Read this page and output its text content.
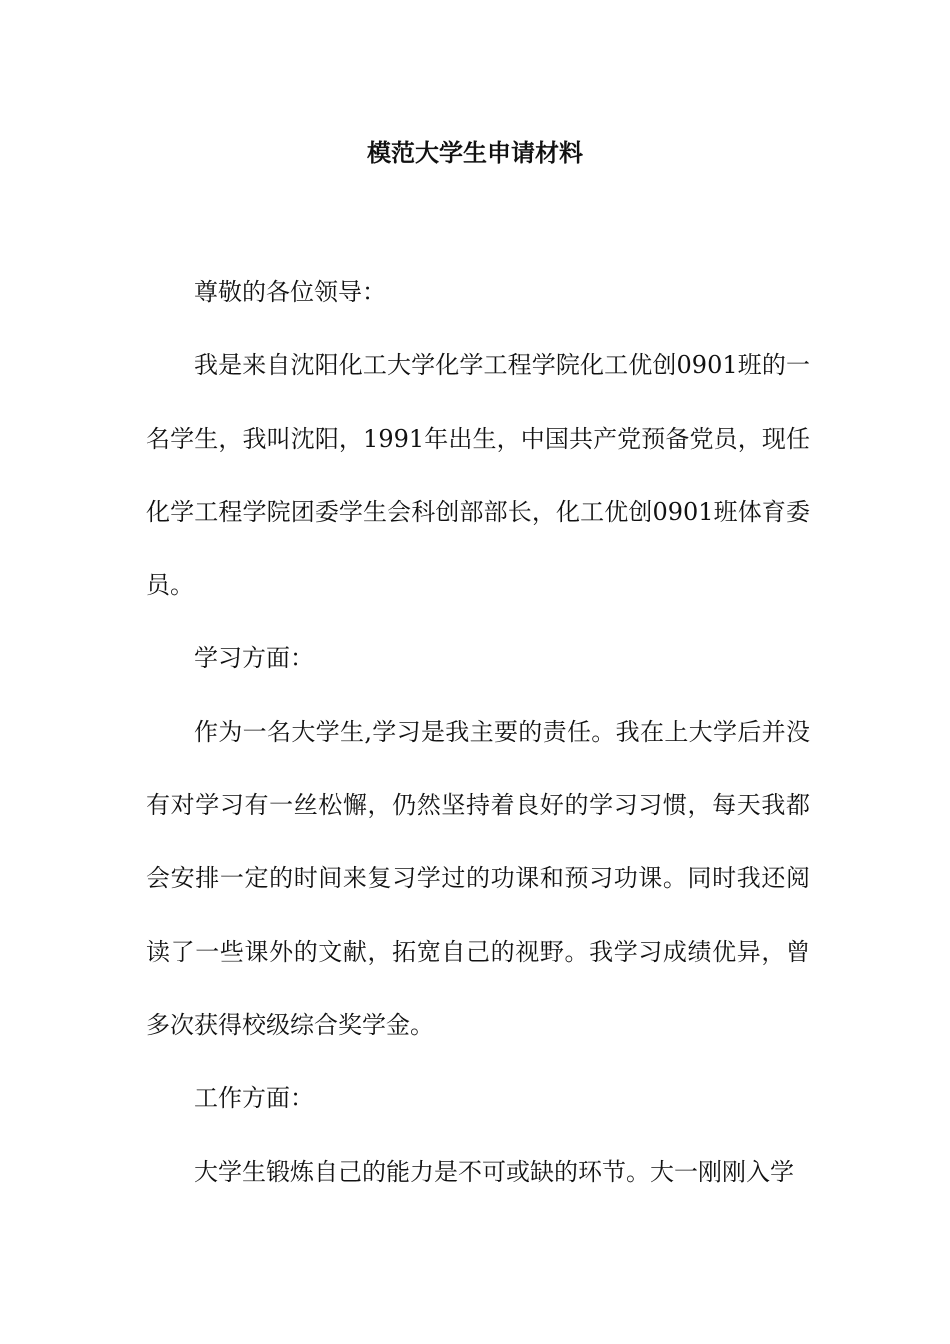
模范大学生申请材料

尊敬的各位领导：

我是来自沈阳化工大学化学工程学院化工优创0901班的一名学生，我叫沈阳，1991年出生，中国共产党预备党员，现任化学工程学院团委学生会科创部部长，化工优创0901班体育委员。

学习方面：

作为一名大学生,学习是我主要的责任。我在上大学后并没有对学习有一丝松懈，仍然坚持着良好的学习习惯，每天我都会安排一定的时间来复习学过的功课和预习功课。同时我还阅读了一些课外的文献，拓宽自己的视野。我学习成绩优异，曾多次获得校级综合奖学金。

工作方面：

大学生锻炼自己的能力是不可或缺的环节。大一刚刚入学
